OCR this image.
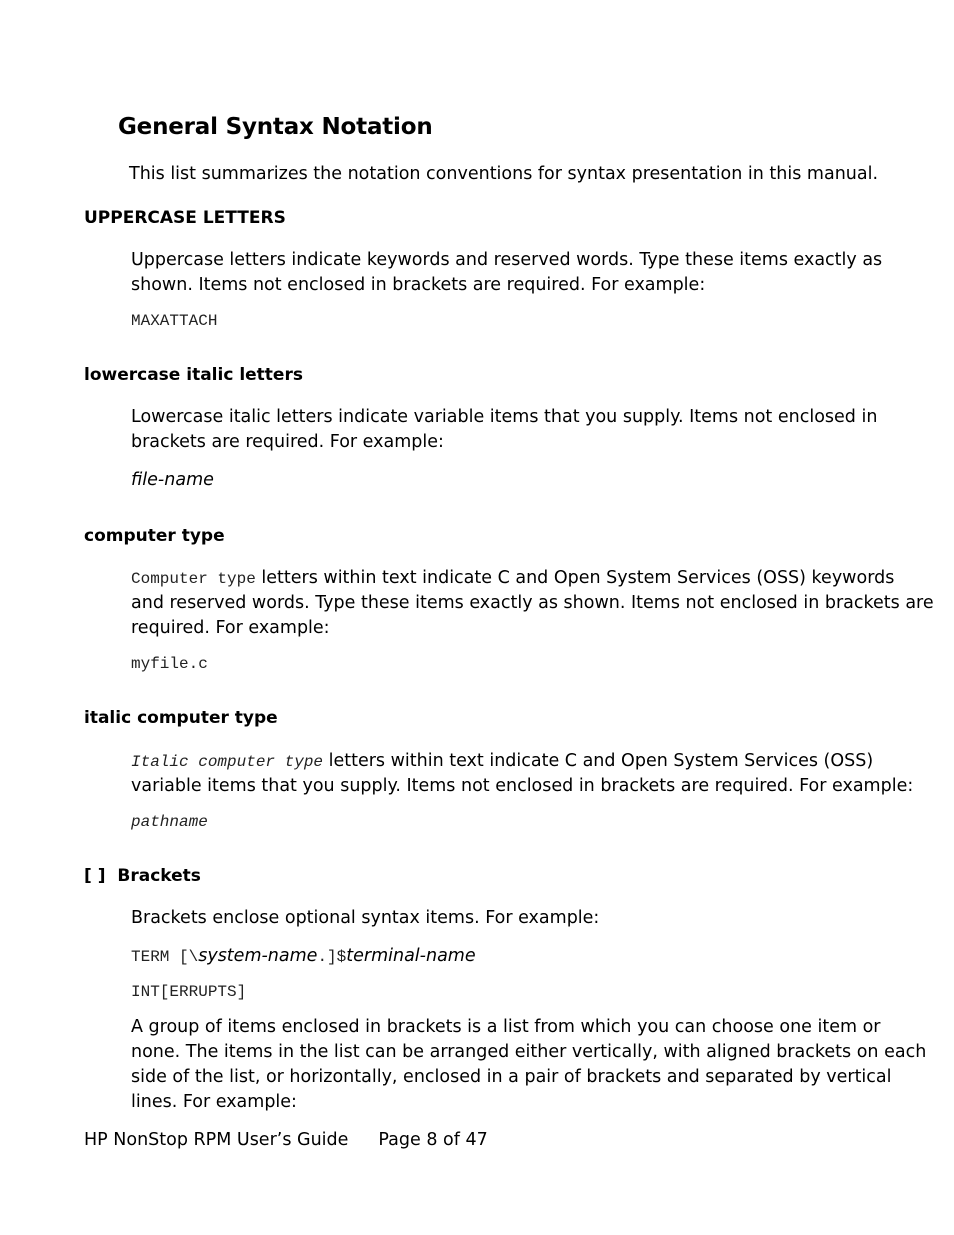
General Syntax Notation
This list summarizes the notation conventions for syntax presentation in this manual.
UPPERCASE LETTERS
Uppercase letters indicate keywords and reserved words. Type these items exactly as
shown. Items not enclosed in brackets are required. For example:
MAXATTACH
lowercase italic letters
Lowercase italic letters indicate variable items that you supply. Items not enclosed in
brackets are required. For example:
file-name
computer type
Computer type letters within text indicate C and Open System Services (OSS) keywords
and reserved words. Type these items exactly as shown. Items not enclosed in brackets are
required. For example:
myfile.c
italic computer type
Italic computer type letters within text indicate C and Open System Services (OSS)
variable items that you supply. Items not enclosed in brackets are required. For example:
pathname
[ ] Brackets
Brackets enclose optional syntax items. For example:
TERM [\system-name.]$terminal-name
INT[ERRUPTS]
A group of items enclosed in brackets is a list from which you can choose one item or
none. The items in the list can be arranged either vertically, with aligned brackets on each
side of the list, or horizontally, enclosed in a pair of brackets and separated by vertical
lines. For example:
HP NonStop RPM User’s Guide Page 8 of 47
